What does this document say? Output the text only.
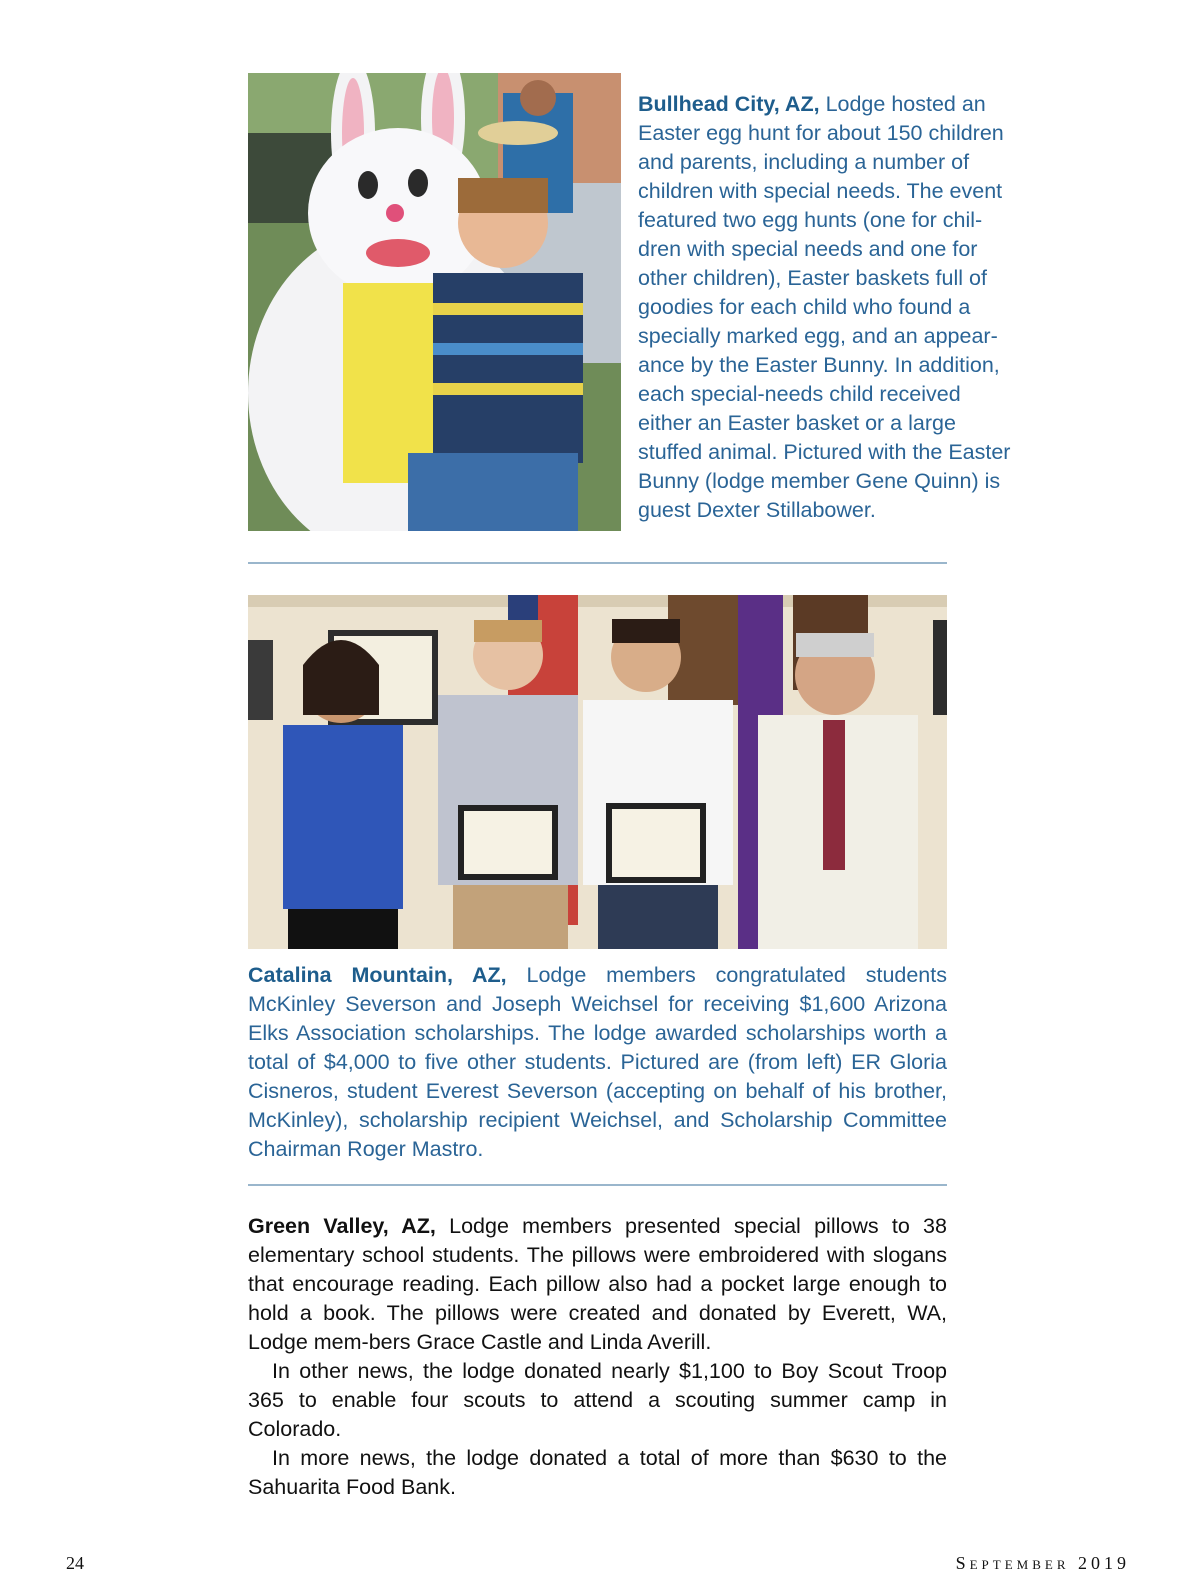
Bullhead City, AZ, Lodge hosted an
Easter egg hunt for about 150 children
and parents, including a number of
children with special needs. The event
featured two egg hunts (one for chil-
dren with special needs and one for
other children), Easter baskets full of
goodies for each child who found a
specially marked egg, and an appear-
ance by the Easter Bunny. In addition,
each special-needs child received
either an Easter basket or a large
stuffed animal. Pictured with the Easter
Bunny (lodge member Gene Quinn) is
guest Dexter Stillabower.

Catalina Mountain, AZ, Lodge members congratulated students McKinley Severson and Joseph Weichsel for receiving $1,600 Arizona Elks Association scholarships. The lodge awarded scholarships worth a total of $4,000 to five other students. Pictured are (from left) ER Gloria Cisneros, student Everest Severson (accepting on behalf of his brother, McKinley), scholarship recipient Weichsel, and Scholarship Committee Chairman Roger Mastro.

Green Valley, AZ, Lodge members presented special pillows to 38 elementary school students. The pillows were embroidered with slogans that encourage reading. Each pillow also had a pocket large enough to hold a book. The pillows were created and donated by Everett, WA, Lodge mem-bers Grace Castle and Linda Averill.

In other news, the lodge donated nearly $1,100 to Boy Scout Troop 365 to enable four scouts to attend a scouting summer camp in Colorado.

In more news, the lodge donated a total of more than $630 to the Sahuarita Food Bank.

24	September 2019
